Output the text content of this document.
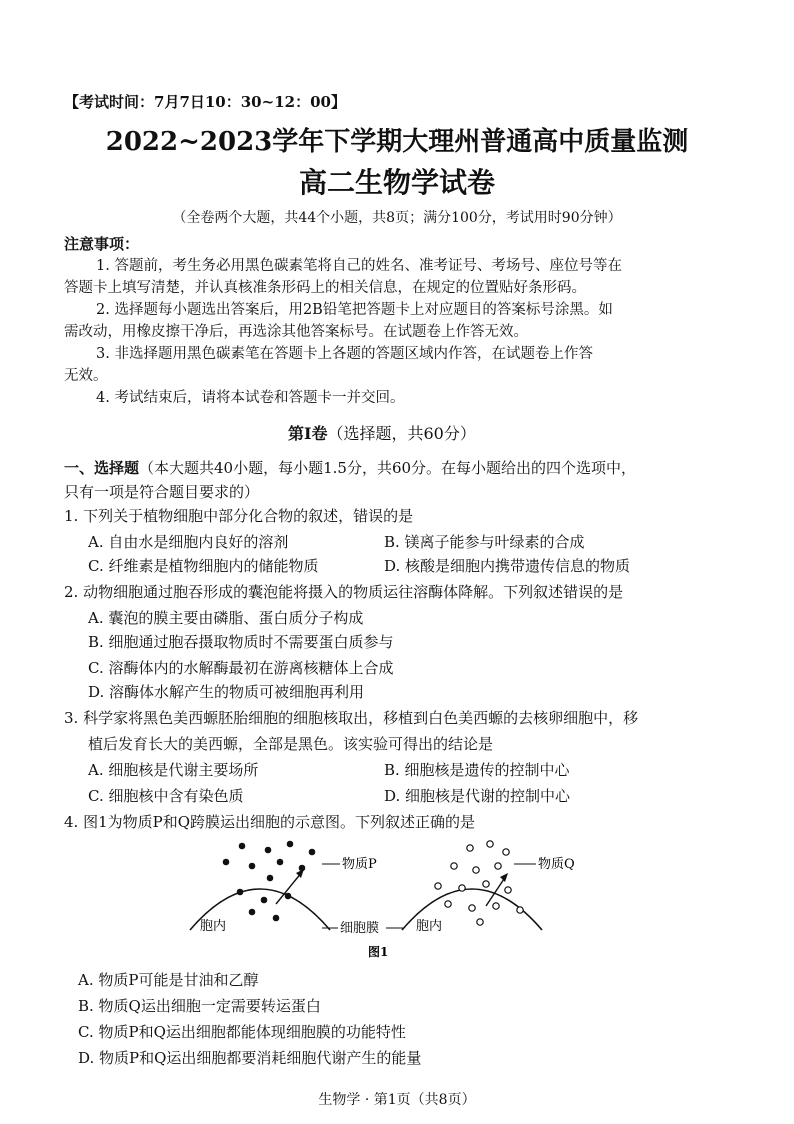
【考试时间：7月7日10：30~12：00】
2022~2023学年下学期大理州普通高中质量监测
高二生物学试卷
（全卷两个大题，共44个小题，共8页；满分100分，考试用时90分钟）
注意事项：
1. 答题前，考生务必用黑色碳素笔将自己的姓名、准考证号、考场号、座位号等在
答题卡上填写清楚，并认真核准条形码上的相关信息，在规定的位置贴好条形码。
2. 选择题每小题选出答案后，用2B铅笔把答题卡上对应题目的答案标号涂黑。如
需改动，用橡皮擦干净后，再选涂其他答案标号。在试题卷上作答无效。
3. 非选择题用黑色碳素笔在答题卡上各题的答题区域内作答，在试题卷上作答
无效。
4. 考试结束后，请将本试卷和答题卡一并交回。
第Ⅰ卷（选择题，共60分）
一、选择题（本大题共40小题，每小题1.5分，共60分。在每小题给出的四个选项中，
只有一项是符合题目要求的）
1. 下列关于植物细胞中部分化合物的叙述，错误的是
A. 自由水是细胞内良好的溶剂	B. 镁离子能参与叶绿素的合成
C. 纤维素是植物细胞内的储能物质	D. 核酸是细胞内携带遗传信息的物质
2. 动物细胞通过胞吞形成的囊泡能将摄入的物质运往溶酶体降解。下列叙述错误的是
A. 囊泡的膜主要由磷脂、蛋白质分子构成
B. 细胞通过胞吞摄取物质时不需要蛋白质参与
C. 溶酶体内的水解酶最初在游离核糖体上合成
D. 溶酶体水解产生的物质可被细胞再利用
3. 科学家将黑色美西螈胚胎细胞的细胞核取出，移植到白色美西螈的去核卵细胞中，移
植后发育长大的美西螈，全部是黑色。该实验可得出的结论是
A. 细胞核是代谢主要场所	B. 细胞核是遗传的控制中心
C. 细胞核中含有染色质	D. 细胞核是代谢的控制中心
4. 图1为物质P和Q跨膜运出细胞的示意图。下列叙述正确的是
物质P	物质Q
胞内	细胞膜	胞内
图1
A. 物质P可能是甘油和乙醇
B. 物质Q运出细胞一定需要转运蛋白
C. 物质P和Q运出细胞都能体现细胞膜的功能特性
D. 物质P和Q运出细胞都要消耗细胞代谢产生的能量
生物学 · 第1页（共8页）
